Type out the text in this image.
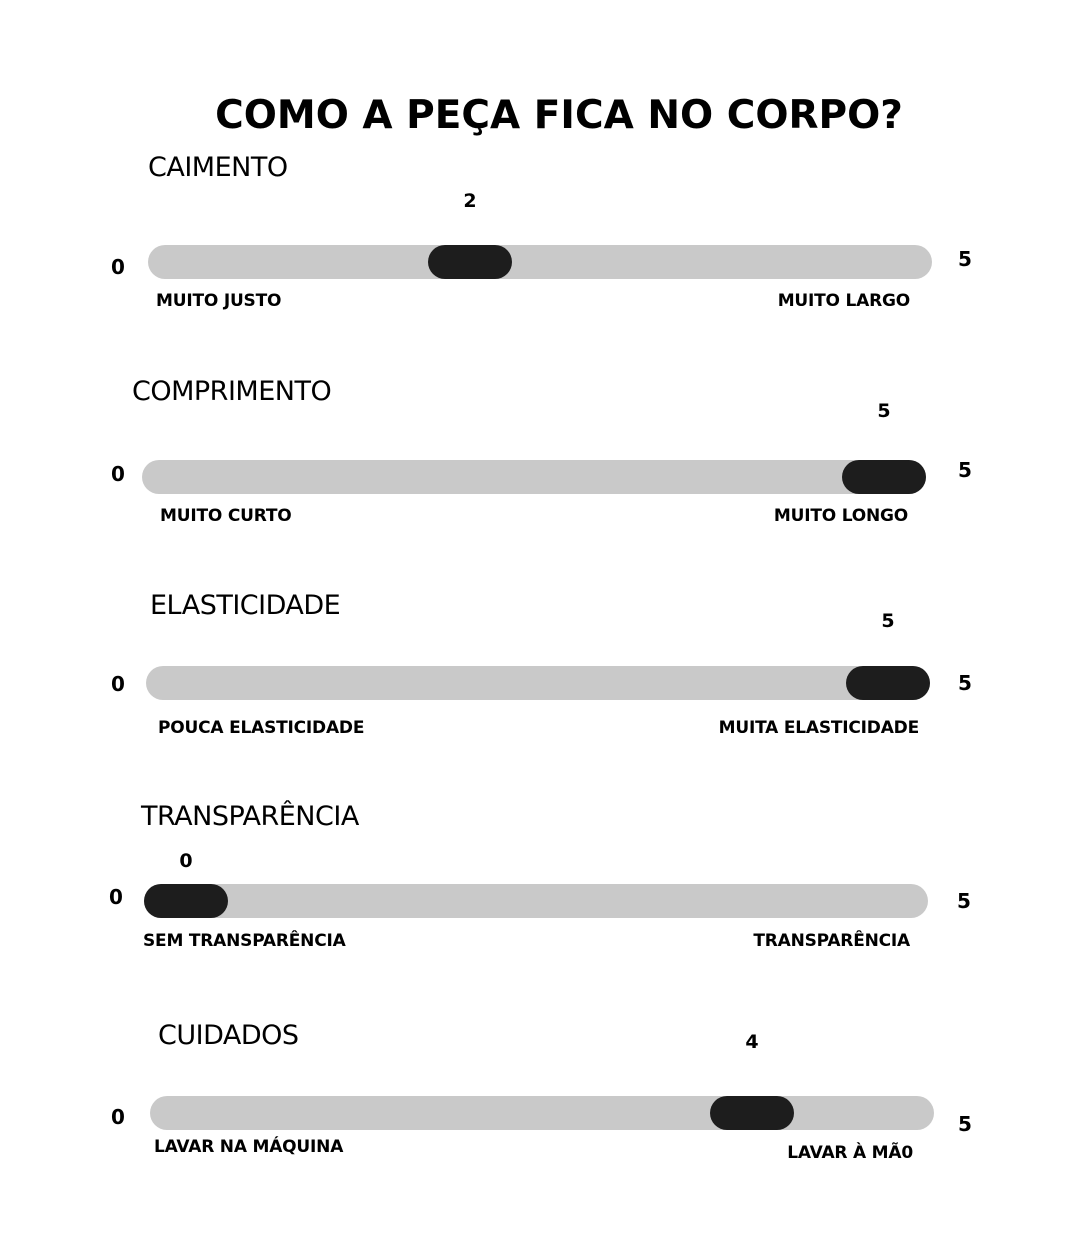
COMO A PEÇA FICA NO CORPO?
CAIMENTO
2
0	5
MUITO JUSTO	MUITO LARGO
COMPRIMENTO
5
0	5
MUITO CURTO	MUITO LONGO
ELASTICIDADE	5
0	5
POUCA ELASTICIDADE	MUITA ELASTICIDADE
TRANSPARÊNCIA
0
0	5
SEM TRANSPARÊNCIA	TRANSPARÊNCIA
CUIDADOS	4
0	5
LAVAR NA MÁQUINA	LAVAR À MÃ0
